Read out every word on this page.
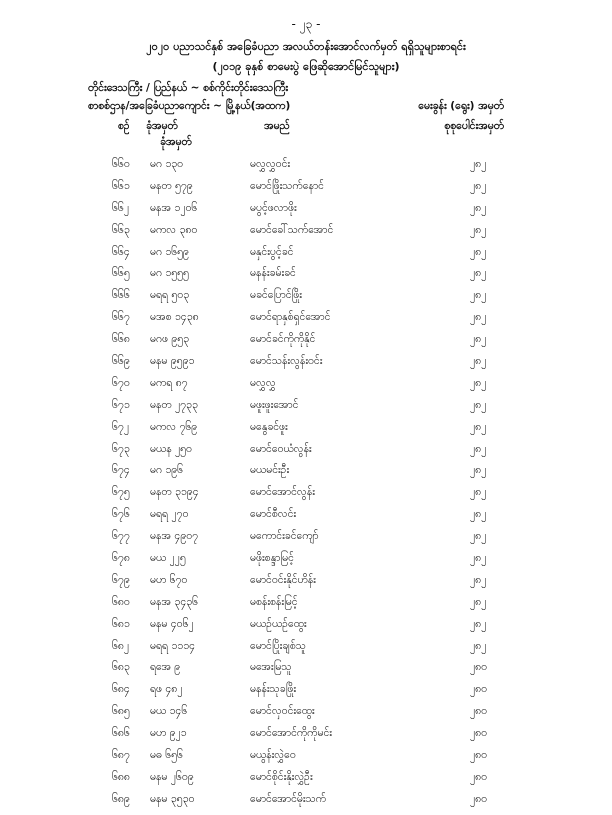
- ၂၃ -
၂၀၂၀ ပညာသင်နှစ် အခြေခံပညာ အလယ်တန်းအောင်လက်မှတ် ရရှိသူများစာရင်း
(၂၀၁၉ ခုနှစ် စာမေးပွဲ ဖြေဆိုအောင်မြင်သူများ)
တိုင်းဒေသကြီး / ပြည်နယ် ~ စစ်ကိုင်းတိုင်းဒေသကြီး
စာစစ်ဌာန/အခြေခံပညာကျောင်း ~ မြို့နယ်(အထက)	မေးခွန်း (ရွေး) အမှတ်
စဉ် ခုံအမှတ်
ခုံအမှတ်
အမည်	စုစုပေါင်းအမှတ်
၆၆၀ မဂ ၁၃၀	မလွှလွှဝင်း	၂၈၂
၆၆၁ မနတ ၅၇၉	မောင်ဖြိုးသက်နောင်	၂၈၂
၆၆၂ မနအ ၁၂၀၆	မပွင့်ဖလာဖိုး	၂၈၂
၆၆၃ မကလ ၃၈၀	မောင်ခေါ်သက်အောင်	၂၈၂
၆၆၄ မဂ ၁၆၅၉	မနှင်းပွင့်ခင်	၂၈၂
၆၆၅ မဂ ၁၅၅၅	မနန်းခမ်းခင်	၂၈၂
၆၆၆ မရရ ၅၀၃	မခင်ပြောင်ဖြိုး	၂၈၂
၆၆၇ မအစ ၁၄၃၈	မောင်ရာနှစ်ရှင်အောင်	၂၈၂
၆၆၈ မဂဖ ၉၅၃	မောင်ခင်ကိုကိုနိုင်	၂၈၂
၆၆၉ မနမ ၉၅၉၁	မောင်သန်းလွန်းဝင်း	၂၈၂
၆၇၀ မကရ ၈၇	မလွှလွှ	၂၈၂
၆၇၁ မနတ ၂၇၃၃	မဖူးဖူးအောင်	၂၈၂
၆၇၂ မကလ ၇၆၉	မနွေခင်ဖူး	၂၈၂
၆၇၃ မယန ၂၅၀	မောင်ဝေယံလွန်း	၂၈၂
၆၇၄ မဂ ၁၉၆	မယမင်းဦး	၂၈၂
၆၇၅ မနတ ၃၁၉၄	မောင်အောင်လွန်း	၂၈၂
၆၇၆ မရရ ၂၇၀	မောင်စီလင်း	၂၈၂
၆၇၇ မနအ ၄၉၀၇	မကောင်းခင်ကျော်	၂၈၂
၆၇၈ မယ ၂၂၅	မဖိုးစန္ဒာမြင့်	၂၈၂
၆၇၉ မဟ ၆၇၀	မောင်ဝင်းနိုင်ဟိန်း	၂၈၂
၆၈၀ မနအ ၃၄၃၆	မစန်းစန်းမြင့်	၂၈၂
၆၈၁ မနမ ၄၀၆၂	မယဉ်ယဉ်ထွေး	၂၈၂
၆၈၂ မရရ ၁၁၁၄	မောင်ပြိုးချစ်သူ	၂၈၂
၆၈၃ ရအေ ၉	မအေးမြသူ	၂၈၀
၆၈၄ ရဖ ၄၈၂	မနန်းသုခဖြိုး	၂၈၀
၆၈၅ မယ ၁၄၆	မောင်လှဝင်းထွေး	၂၈၀
၆၈၆ မဟ ၉၂၁	မောင်အောင်ကိုကိုမင်း	၂၈၀
၆၈၇ မဓ ၆၅၆	မယွန်းလွှဲဝေ	၂၈၀
၆၈၈ မနမ ၂၆၀၉	မောင်စိုင်းနိုးလွှဲဦး	၂၈၀
၆၈၉ မနမ ၃၅၃၀	မောင်အောင်မိုးသက်	၂၈၀
